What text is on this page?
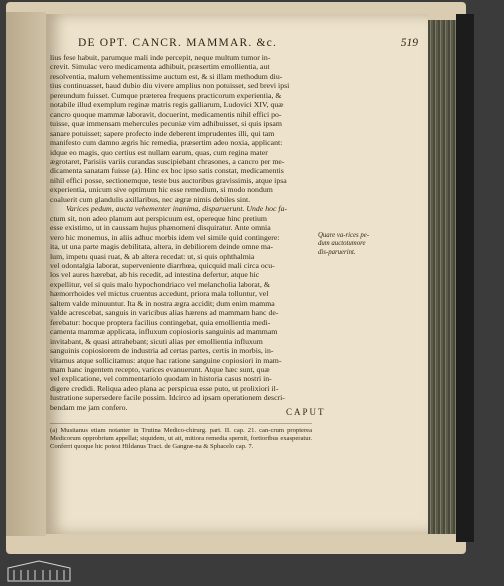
DE OPT. CANCR. MAMMAR. &c.	519

lius fese habuit, parumque mali inde percepit, neque multum tumor in-
crevit. Simulac vero medicamenta adhibuit, præsertim emollientia, aut
resolventia, malum vehementissime auctum est, & si illam methodum diu-
tius continuasset, haud dubio diu vivere amplius non potuisset, sed brevi ipsi
pereundum fuisset. Cumque præterea frequens practicorum experientia, &
notabile illud exemplum reginæ matris regis galliarum, Ludovici XIV, quæ
cancro quoque mammæ laboravit, docuerint, medicamentis nihil effici po-
tuisse, quæ immensam mehercules pecuniæ vim adhibuisset, si quis ipsam
sanare potuisset; sapere profecto inde deberent imprudentes illi, qui tam
manifesto cum damno ægris hic remedia, præsertim adeo noxia, applicant:
idque eo magis, quo certius est nullam earum, quas, cum regina mater
ægrotaret, Parisiis variis curandas suscipiebant chrasones, a cancro per me-
dicamenta sanatam fuisse (a). Hinc ex hoc ipso satis constat, medicamentis
nihil effici posse, sectionemque, teste bus auctoribus gravissimis, atque ipsa
experientia, unicum sive optimum hic esse remedium, si modo nondum
coaluerit cum glandulis axillaribus, nec ægræ nimis debiles sint.
Varices pedum, aucta vehementer inanima, disparuerunt. Unde hoc fa-
ctum sit, non adeo planum aut perspicuum est, opereque hinc pretium
esse existimo, ut in caussam hujus phænomeni disquiratur. Ante omnia
vero hic monemus, in aliis adhuc morbis idem vel simile quid contingere:
ita, ut una parte magis debilitata, altera, in debiliorem deinde omne ma-
lum, impetu quasi ruat, & ab altera recedat: ut, si quis ophthalmia
vel odontalgia laborat, superveniente diarrhœa, quicquid mali circa ocu-
los vel aures hærebat, ab his recedit, ad intestina defertur, atque hic
expellitur, vel si quis malo hypochondriaco vel melancholia laborat, &
hæmorrhoides vel mictus cruentus accedunt, priora mala tolluntur, vel
saltem valde minuuntur. Ita & in nostra ægra accidit; dum enim mamma
valde acrescebat, sanguis in varicibus alias hærens ad mammam hanc de-
ferebatur: hocque proptera facilius contingebat, quia emollientia medi-
camenta mammæ applicata, influxum copiosioris sanguinis ad mammam
invitabant, & quasi attrahebant; sicuti alias per emollientia influxum
sanguinis copiosiorem de industria ad certas partes, certis in morbis, in-
vitamus atque sollicitamus: atque hac ratione sanguine copiosiori in mam-
mam hanc ingentem recepto, varices evanuerunt. Atque hæc sunt, quæ
vel explicatione, vel commentariolo quodam in historia casus nostri in-
digere credidi. Reliqua adeo plana ac perspicua esse puto, ut prolixiori il-
lustratione supersedere facile possim. Idcirco ad ipsam operationem descri-
bendam me jam confero.

Quare va-rices pe-dum auctotumore dis-paruerint.
CAPUT
(a) Musitanus etiam notanter in Trutina Medico-chirurg. part. II. cap. 21. can-crum propterea Medicorum opprobrium appellat; siquidem, ut ait, mitiora remedia spernit, fortioribus exasperatur. Conferri quoque hic potest Hildanus Tract. de Gangræ-na & Sphacelo cap. 7.
